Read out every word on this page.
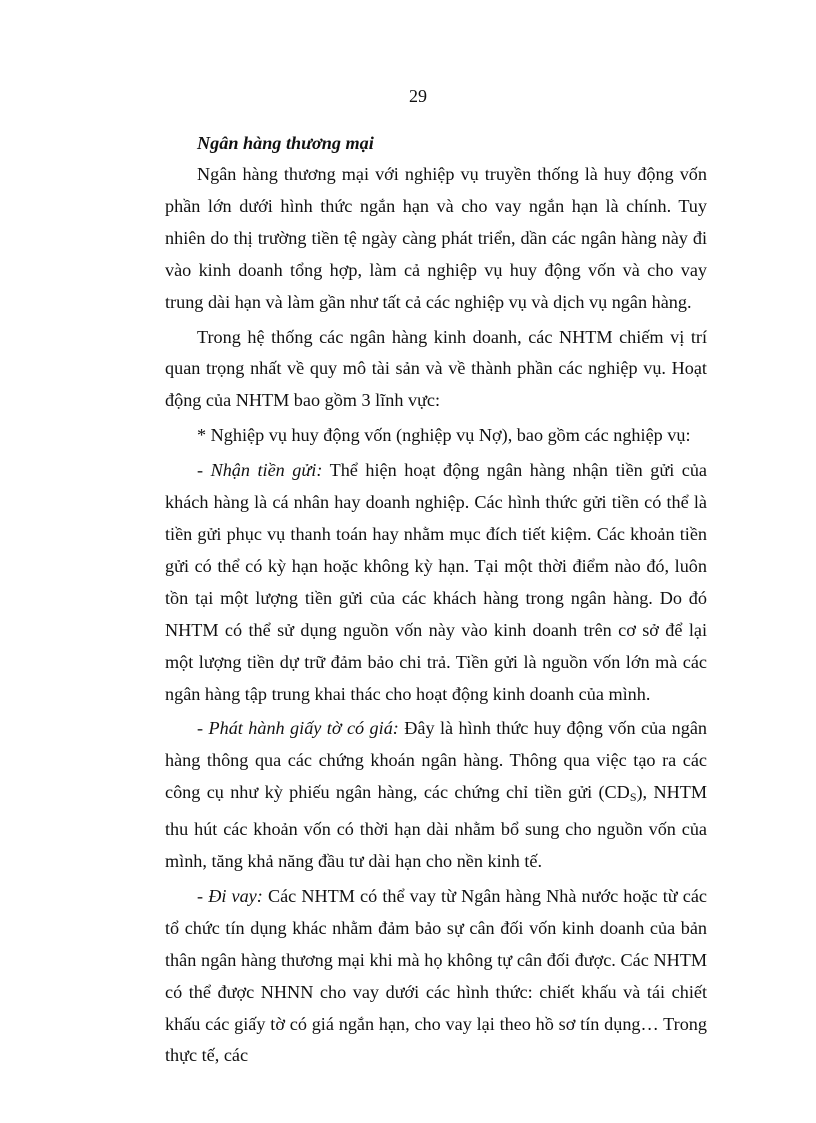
29
Ngân hàng thương mại

Ngân hàng thương mại với nghiệp vụ truyền thống là huy động vốn phần lớn dưới hình thức ngắn hạn và cho vay ngắn hạn là chính. Tuy nhiên do thị trường tiền tệ ngày càng phát triển, dần các ngân hàng này đi vào kinh doanh tổng hợp, làm cả nghiệp vụ huy động vốn và cho vay trung dài hạn và làm gần như tất cả các nghiệp vụ và dịch vụ ngân hàng.

Trong hệ thống các ngân hàng kinh doanh, các NHTM chiếm vị trí quan trọng nhất về quy mô tài sản và về thành phần các nghiệp vụ. Hoạt động của NHTM bao gồm 3 lĩnh vực:

* Nghiệp vụ huy động vốn (nghiệp vụ Nợ), bao gồm các nghiệp vụ:

- Nhận tiền gửi: Thể hiện hoạt động ngân hàng nhận tiền gửi của khách hàng là cá nhân hay doanh nghiệp. Các hình thức gửi tiền có thể là tiền gửi phục vụ thanh toán hay nhằm mục đích tiết kiệm. Các khoản tiền gửi có thể có kỳ hạn hoặc không kỳ hạn. Tại một thời điểm nào đó, luôn tồn tại một lượng tiền gửi của các khách hàng trong ngân hàng. Do đó NHTM có thể sử dụng nguồn vốn này vào kinh doanh trên cơ sở để lại một lượng tiền dự trữ đảm bảo chi trả. Tiền gửi là nguồn vốn lớn mà các ngân hàng tập trung khai thác cho hoạt động kinh doanh của mình.

- Phát hành giấy tờ có giá: Đây là hình thức huy động vốn của ngân hàng thông qua các chứng khoán ngân hàng. Thông qua việc tạo ra các công cụ như kỳ phiếu ngân hàng, các chứng chỉ tiền gửi $(CD_S)$, NHTM thu hút các khoản vốn có thời hạn dài nhằm bổ sung cho nguồn vốn của mình, tăng khả năng đầu tư dài hạn cho nền kinh tế.

- Đi vay: Các NHTM có thể vay từ Ngân hàng Nhà nước hoặc từ các tổ chức tín dụng khác nhằm đảm bảo sự cân đối vốn kinh doanh của bản thân ngân hàng thương mại khi mà họ không tự cân đối được. Các NHTM có thể được NHNN cho vay dưới các hình thức: chiết khấu và tái chiết khấu các giấy tờ có giá ngắn hạn, cho vay lại theo hồ sơ tín dụng… Trong thực tế, các
